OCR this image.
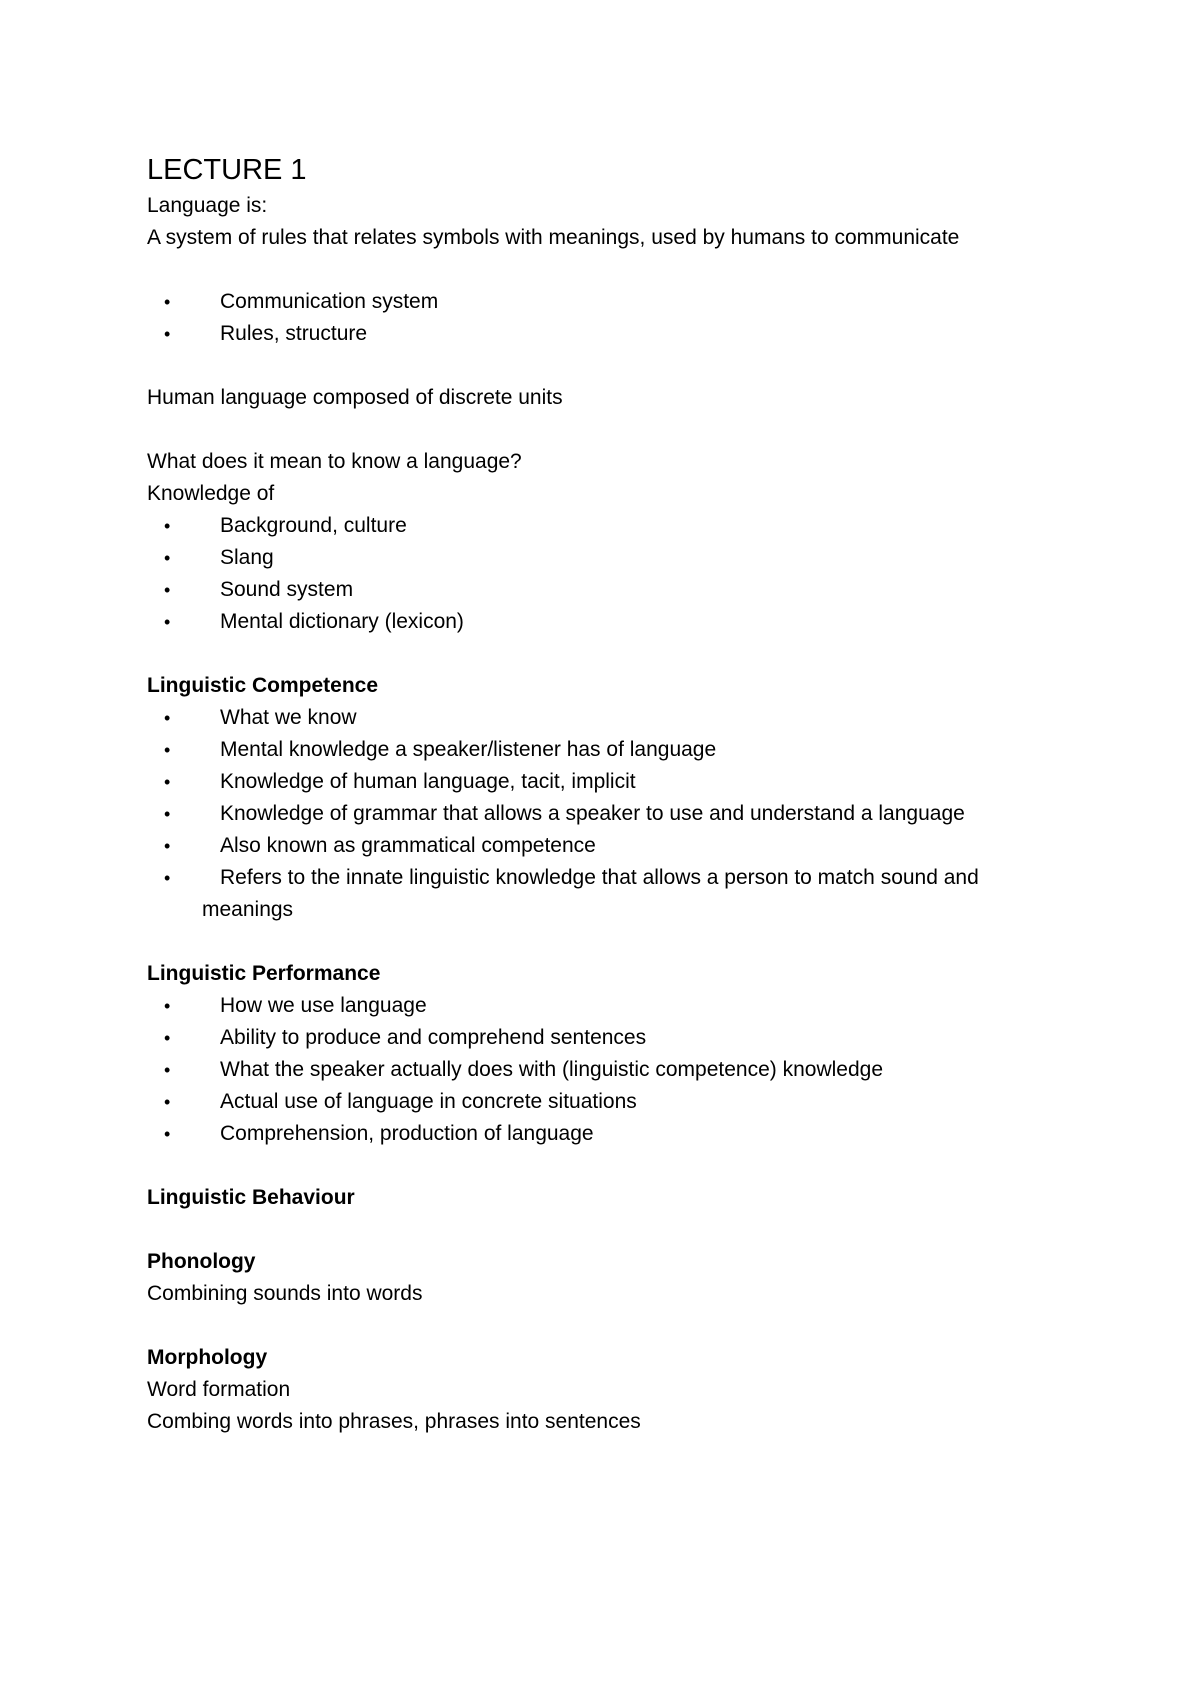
LECTURE 1

Language is:

A system of rules that relates symbols with meanings, used by humans to communicate

• Communication system
• Rules, structure

Human language composed of discrete units

What does it mean to know a language?

Knowledge of

• Background, culture
• Slang
• Sound system
• Mental dictionary (lexicon)

Linguistic Competence

• What we know
• Mental knowledge a speaker/listener has of language
• Knowledge of human language, tacit, implicit
• Knowledge of grammar that allows a speaker to use and understand a language
• Also known as grammatical competence
• Refers to the innate linguistic knowledge that allows a person to match sound and meanings

Linguistic Performance

• How we use language
• Ability to produce and comprehend sentences
• What the speaker actually does with (linguistic competence) knowledge
• Actual use of language in concrete situations
• Comprehension, production of language

Linguistic Behaviour

Phonology

Combining sounds into words

Morphology

Word formation

Combing words into phrases, phrases into sentences
